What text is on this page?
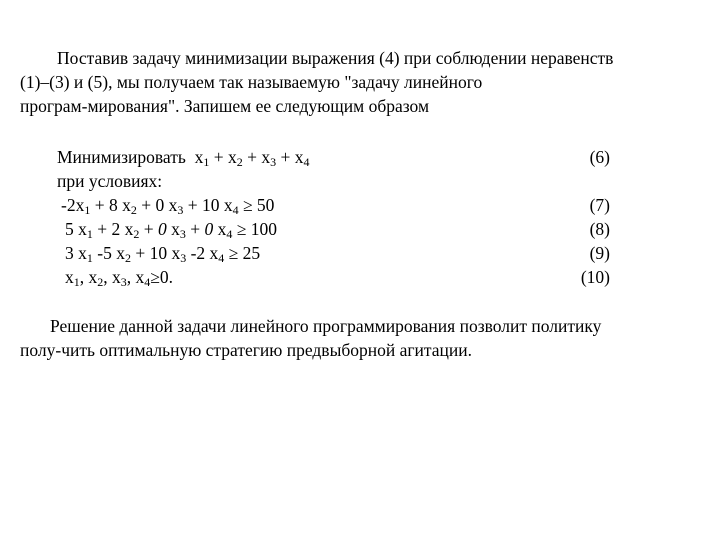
Поставив задачу минимизации выражения (4) при соблюдении неравенств
(1)–(3) и (5), мы получаем так называемую "задачу линейного
програм-мирования". Запишем ее следующим образом
Минимизировать $x_1 + x_2 + x_3 + x_4$	(6)
при условиях:
$-2x_1 + 8$ $x_2 + 0$ $x_3 + 10$ $x_4 \ge 50$	(7)
5 $x_1 + 2$ $x_2 + 0$ $x_3 + 0$ $x_4 \ge 100$	(8)
3 $x_1$ -5 $x_2 + 10$ $x_3$ -2 $x_4 \ge 25$	(9)
$x_1$, $x_2$, $x_3$, $x_4\ge 0$.	(10)
Решение данной задачи линейного программирования позволит политику
полу-чить оптимальную стратегию предвыборной агитации.
